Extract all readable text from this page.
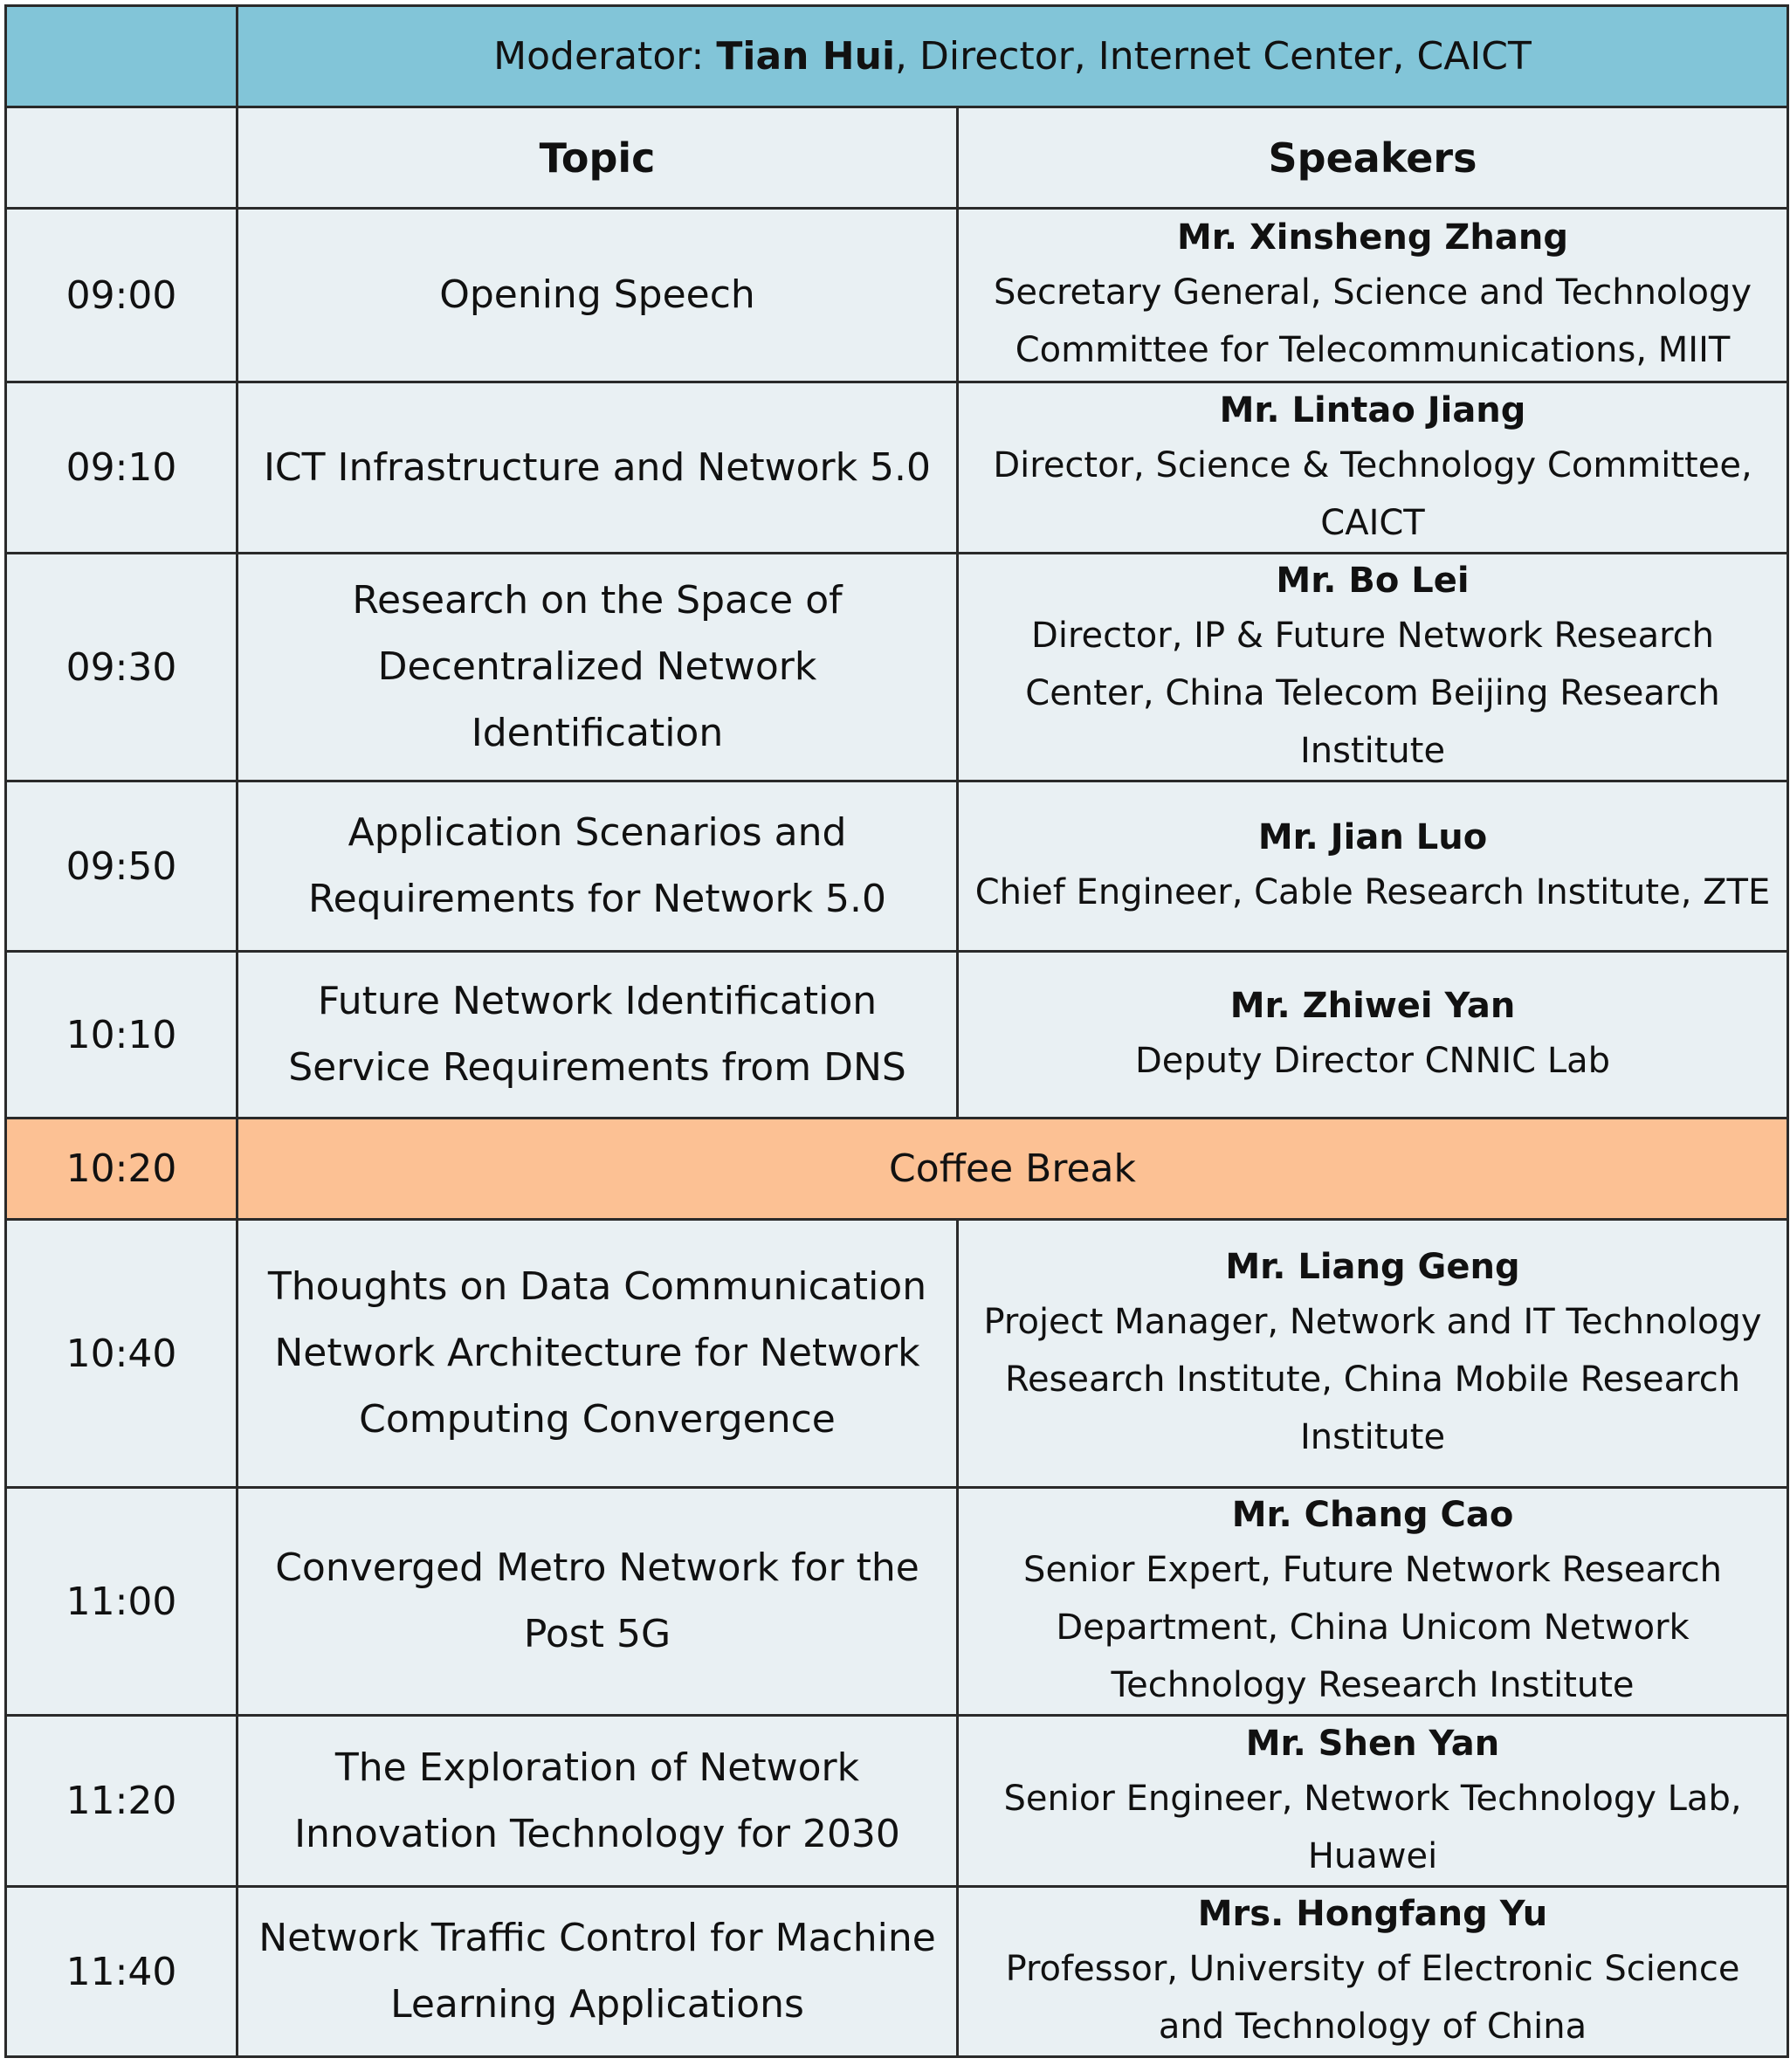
	Moderator: Tian Hui, Director, Internet Center, CAICT	
	Topic	Speakers
09:00	Opening Speech	Mr. Xinsheng Zhang
Secretary General, Science and Technology Committee for Telecommunications, MIIT

09:10	ICT Infrastructure and Network 5.0	Mr. Lintao Jiang
Director, Science & Technology Committee, CAICT

09:30	Research on the Space of Decentralized Network Identification	Mr. Bo Lei
Director, IP & Future Network Research Center, China Telecom Beijing Research Institute

09:50	Application Scenarios and Requirements for Network 5.0	Mr. Jian Luo
Chief Engineer, Cable Research Institute, ZTE

10:10	Future Network Identification Service Requirements from DNS	Mr. Zhiwei Yan
Deputy Director CNNIC Lab

10:20	Coffee Break	
10:40	Thoughts on Data Communication Network Architecture for Network Computing Convergence	Mr. Liang Geng
Project Manager, Network and IT Technology Research Institute, China Mobile Research Institute

11:00	Converged Metro Network for the Post 5G	Mr. Chang Cao
Senior Expert, Future Network Research Department, China Unicom Network Technology Research Institute

11:20	The Exploration of Network Innovation Technology for 2030	Mr. Shen Yan
Senior Engineer, Network Technology Lab, Huawei

11:40	Network Traffic Control for Machine Learning Applications	Mrs. Hongfang Yu
Professor, University of Electronic Science and Technology of China
